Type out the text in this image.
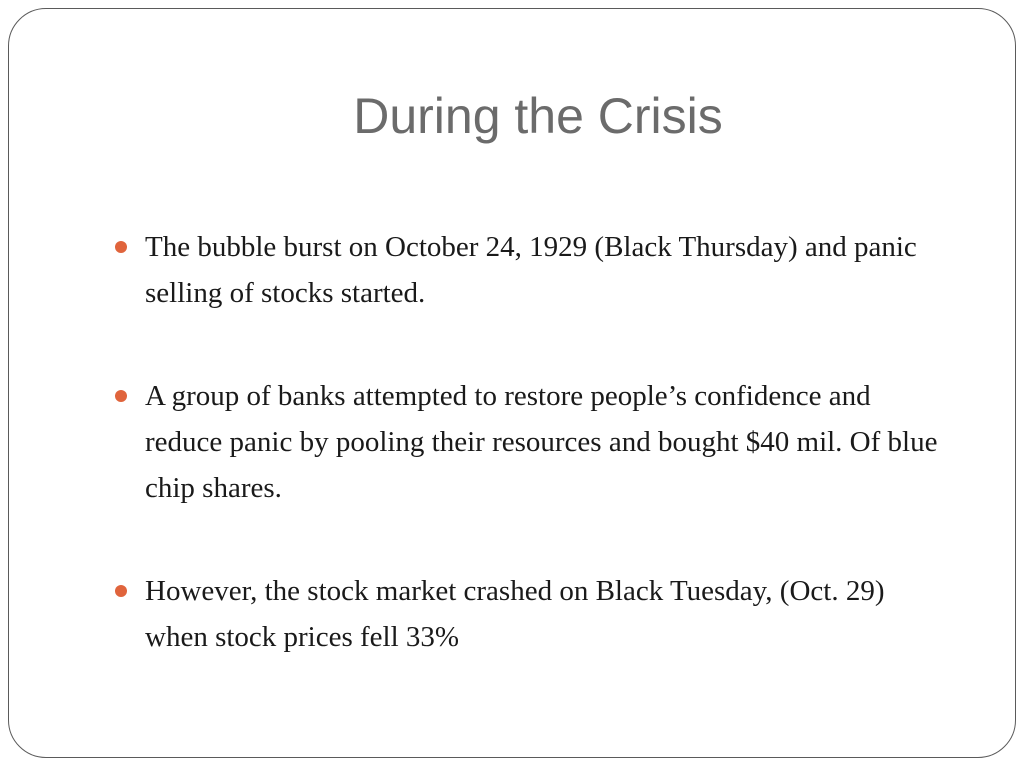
During the Crisis
The bubble burst on October 24, 1929 (Black Thursday) and panic selling of stocks started.
A group of banks attempted to restore people’s confidence and reduce panic by pooling their resources and bought $40 mil. Of blue chip shares.
However, the stock market crashed on Black Tuesday, (Oct. 29) when stock prices fell 33%
